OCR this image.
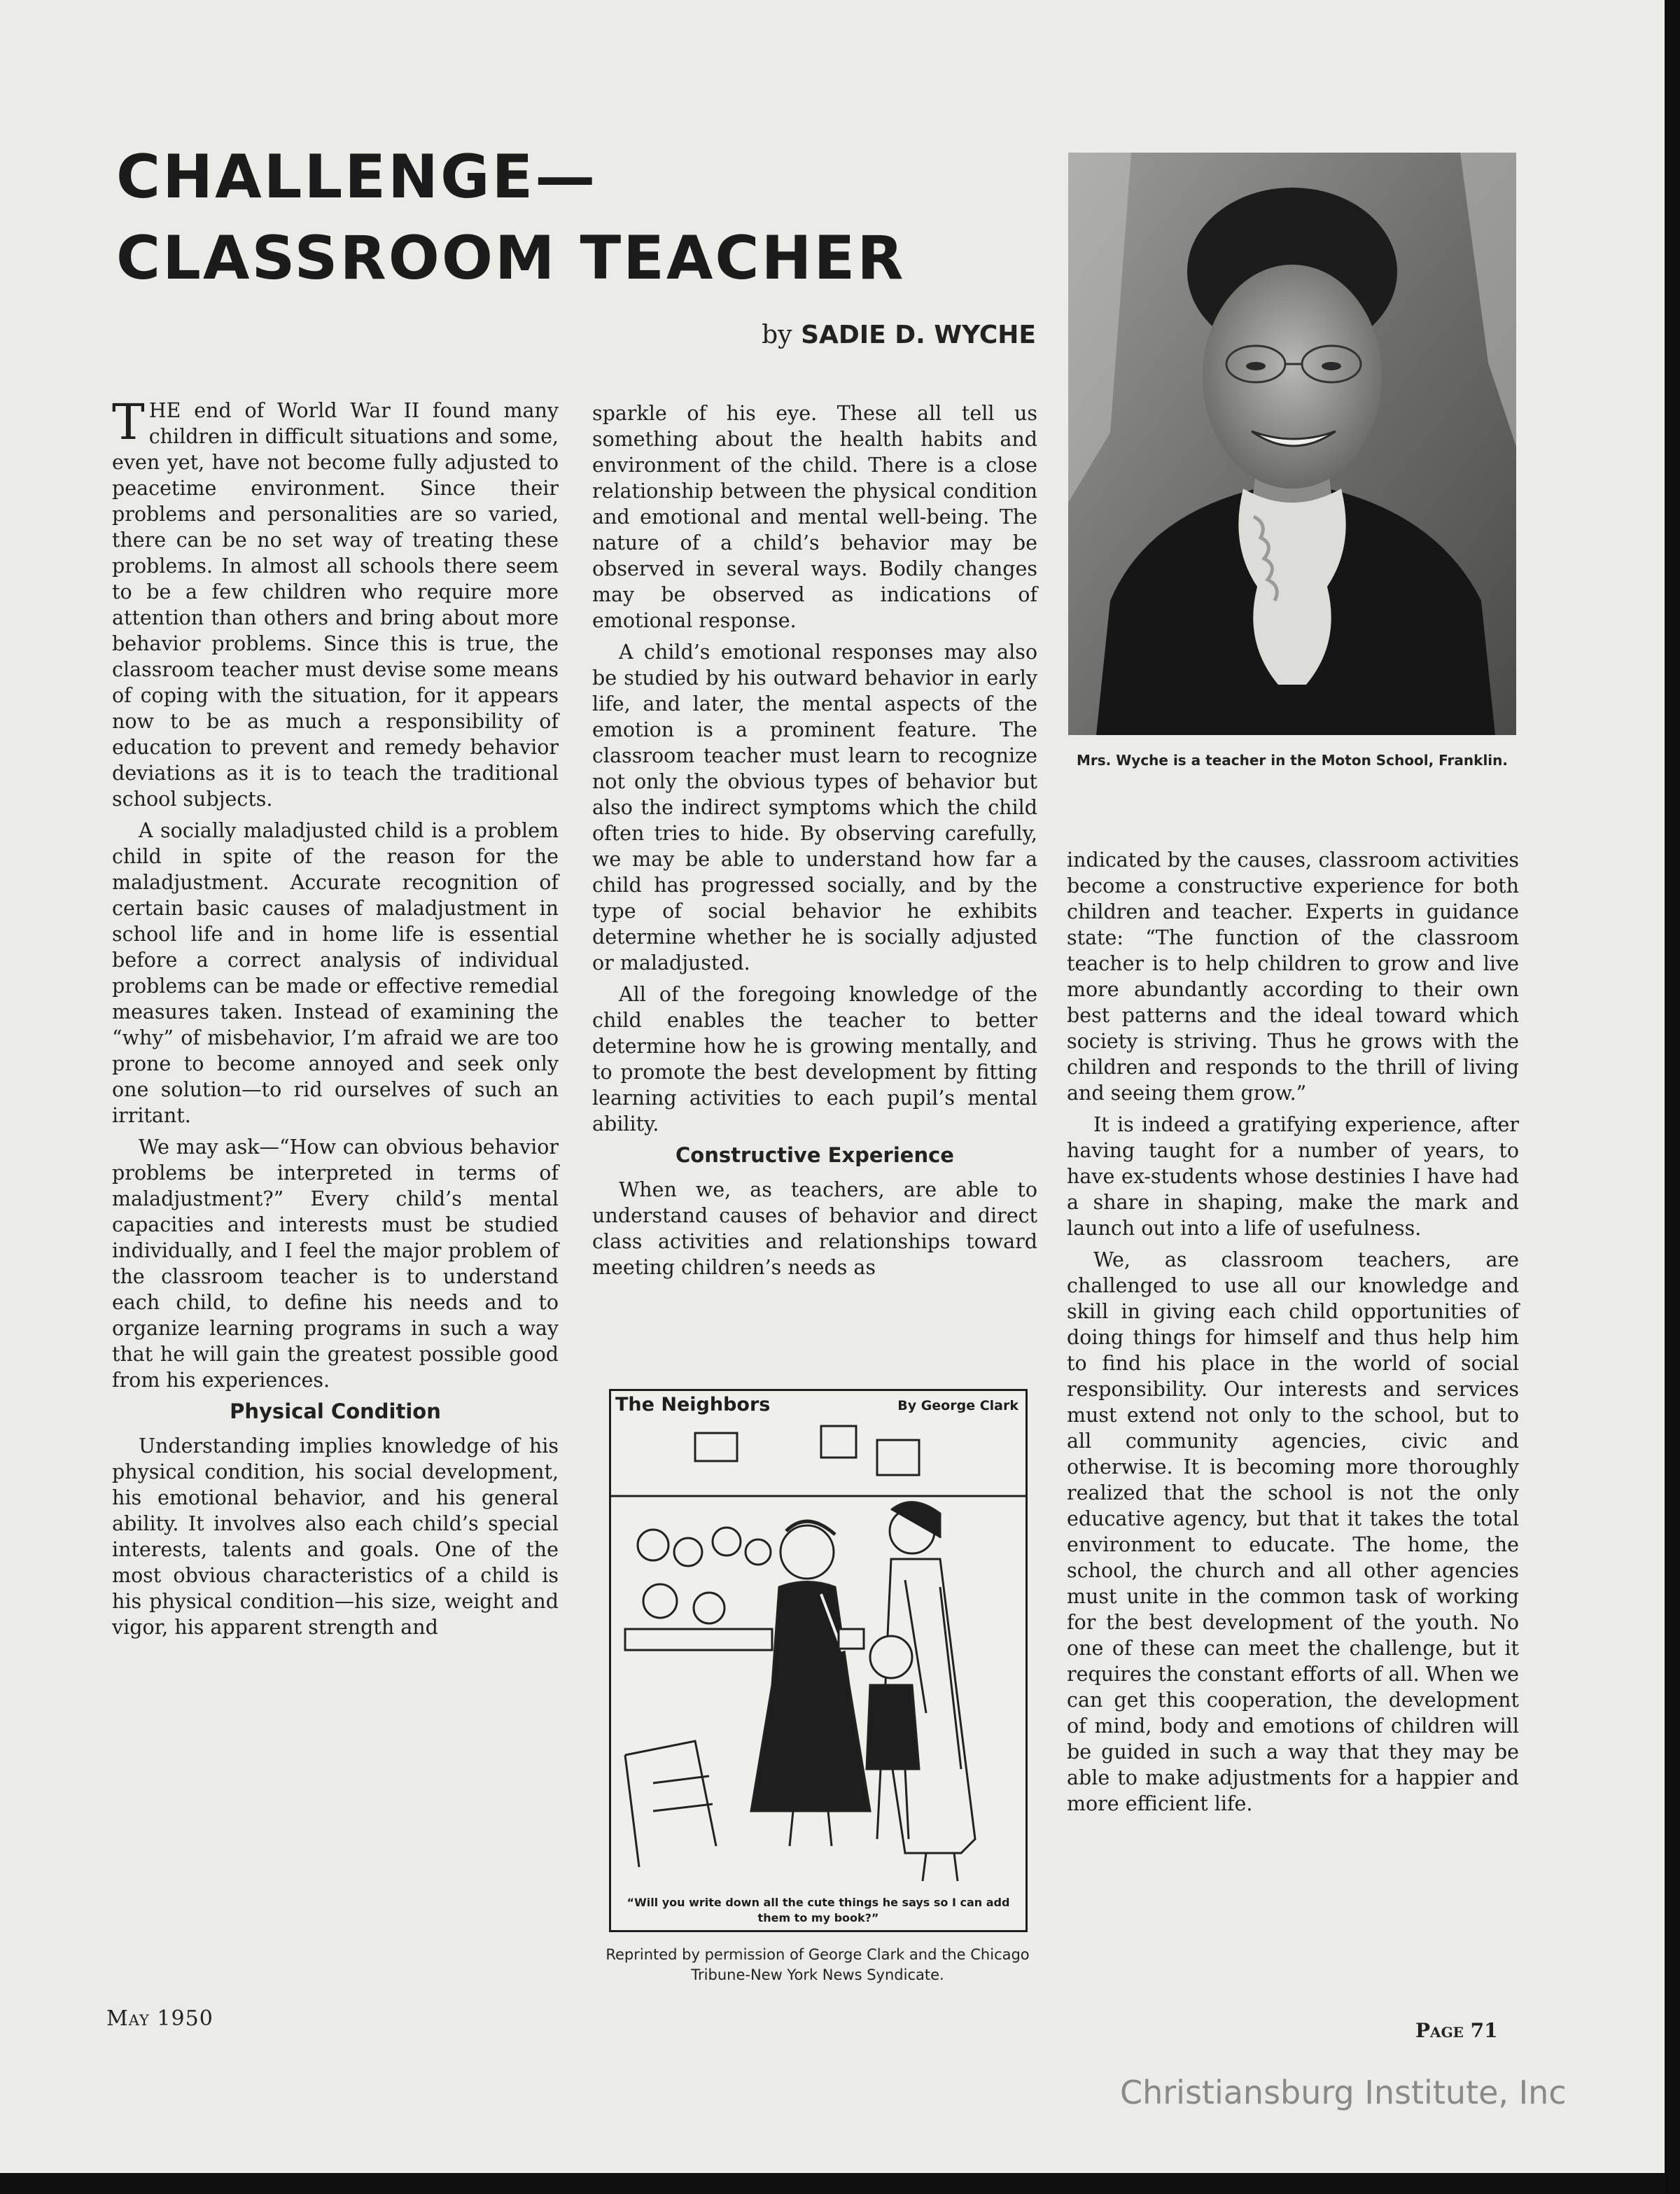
CHALLENGE—
CLASSROOM TEACHER
by SADIE D. WYCHE

THE end of World War II found many children in difficult situations and some, even yet, have not become fully adjusted to peacetime environment. Since their problems and personalities are so varied, there can be no set way of treating these problems. In almost all schools there seem to be a few children who require more attention than others and bring about more behavior problems. Since this is true, the classroom teacher must devise some means of coping with the situation, for it appears now to be as much a responsibility of education to prevent and remedy behavior deviations as it is to teach the traditional school subjects.

A socially maladjusted child is a problem child in spite of the reason for the maladjustment. Accurate recognition of certain basic causes of maladjustment in school life and in home life is essential before a correct analysis of individual problems can be made or effective remedial measures taken. Instead of examining the “why” of misbehavior, I’m afraid we are too prone to become annoyed and seek only one solution—to rid ourselves of such an irritant.

We may ask—“How can obvious behavior problems be interpreted in terms of maladjustment?” Every child’s mental capacities and interests must be studied individually, and I feel the major problem of the classroom teacher is to understand each child, to define his needs and to organize learning programs in such a way that he will gain the greatest possible good from his experiences.

Physical Condition

Understanding implies knowledge of his physical condition, his social development, his emotional behavior, and his general ability. It involves also each child’s special interests, talents and goals. One of the most obvious characteristics of a child is his physical condition—his size, weight and vigor, his apparent strength and

sparkle of his eye. These all tell us something about the health habits and environment of the child. There is a close relationship between the physical condition and emotional and mental well-being. The nature of a child’s behavior may be observed in several ways. Bodily changes may be observed as indications of emotional response.

A child’s emotional responses may also be studied by his outward behavior in early life, and later, the mental aspects of the emotion is a prominent feature. The classroom teacher must learn to recognize not only the obvious types of behavior but also the indirect symptoms which the child often tries to hide. By observing carefully, we may be able to understand how far a child has progressed socially, and by the type of social behavior he exhibits determine whether he is socially adjusted or maladjusted.

All of the foregoing knowledge of the child enables the teacher to better determine how he is growing mentally, and to promote the best development by fitting learning activities to each pupil’s mental ability.

Constructive Experience

When we, as teachers, are able to understand causes of behavior and direct class activities and relationships toward meeting children’s needs as

Mrs. Wyche is a teacher in the Moton School, Franklin.
The Neighbors	By George Clark
“Will you write down all the cute things he says so I can add them to my book?”
Reprinted by permission of George Clark and the Chicago Tribune-New York News Syndicate.

indicated by the causes, classroom activities become a constructive experience for both children and teacher. Experts in guidance state: “The function of the classroom teacher is to help children to grow and live more abundantly according to their own best patterns and the ideal toward which society is striving. Thus he grows with the children and responds to the thrill of living and seeing them grow.”

It is indeed a gratifying experience, after having taught for a number of years, to have ex-students whose destinies I have had a share in shaping, make the mark and launch out into a life of usefulness.

We, as classroom teachers, are challenged to use all our knowledge and skill in giving each child opportunities of doing things for himself and thus help him to find his place in the world of social responsibility. Our interests and services must extend not only to the school, but to all community agencies, civic and otherwise. It is becoming more thoroughly realized that the school is not the only educative agency, but that it takes the total environment to educate. The home, the school, the church and all other agencies must unite in the common task of working for the best development of the youth. No one of these can meet the challenge, but it requires the constant efforts of all. When we can get this cooperation, the development of mind, body and emotions of children will be guided in such a way that they may be able to make adjustments for a happier and more efficient life.

May 1950	Page 71
Christiansburg Institute, Inc
